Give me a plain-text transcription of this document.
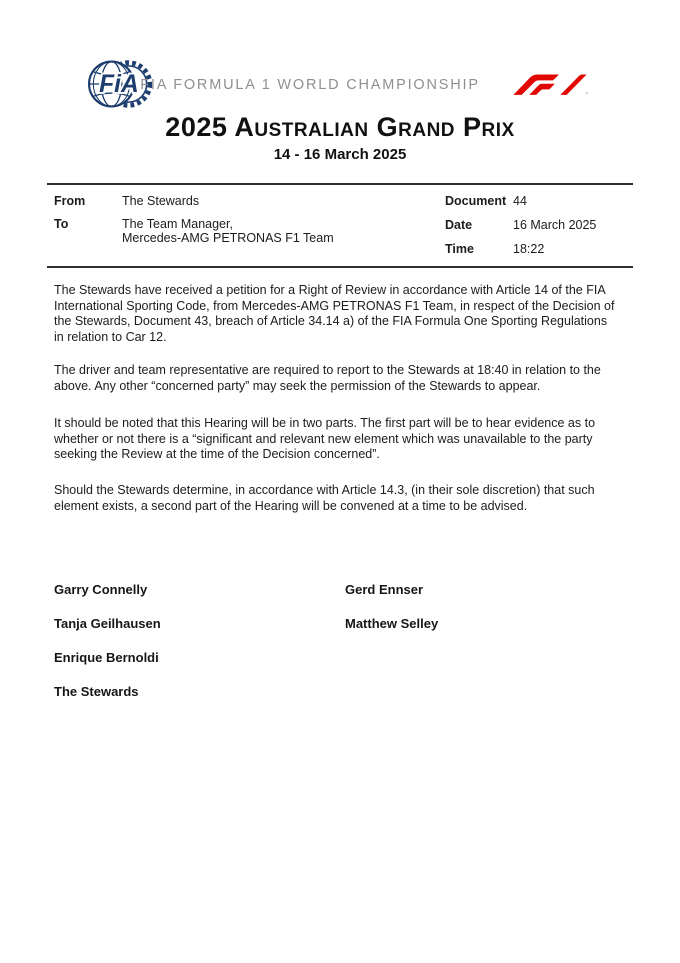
FiA FIA FORMULA 1 WORLD CHAMPIONSHIP
2025 Australian Grand Prix
14 - 16 March 2025
From	The Stewards
To	The Team Manager,
Mercedes-AMG PETRONAS F1 Team
Document 44
Date	16 March 2025
Time	18:22

The Stewards have received a petition for a Right of Review in accordance with Article 14 of the FIA International Sporting Code, from Mercedes-AMG PETRONAS F1 Team, in respect of the Decision of the Stewards, Document 43, breach of Article 34.14 a) of the FIA Formula One Sporting Regulations in relation to Car 12.

The driver and team representative are required to report to the Stewards at 18:40 in relation to the above. Any other “concerned party” may seek the permission of the Stewards to appear.

It should be noted that this Hearing will be in two parts. The first part will be to hear evidence as to whether or not there is a “significant and relevant new element which was unavailable to the party seeking the Review at the time of the Decision concerned”.

Should the Stewards determine, in accordance with Article 14.3, (in their sole discretion) that such element exists, a second part of the Hearing will be convened at a time to be advised.

Garry Connelly	Gerd Ennser
Tanja Geilhausen	Matthew Selley
Enrique Bernoldi
The Stewards
